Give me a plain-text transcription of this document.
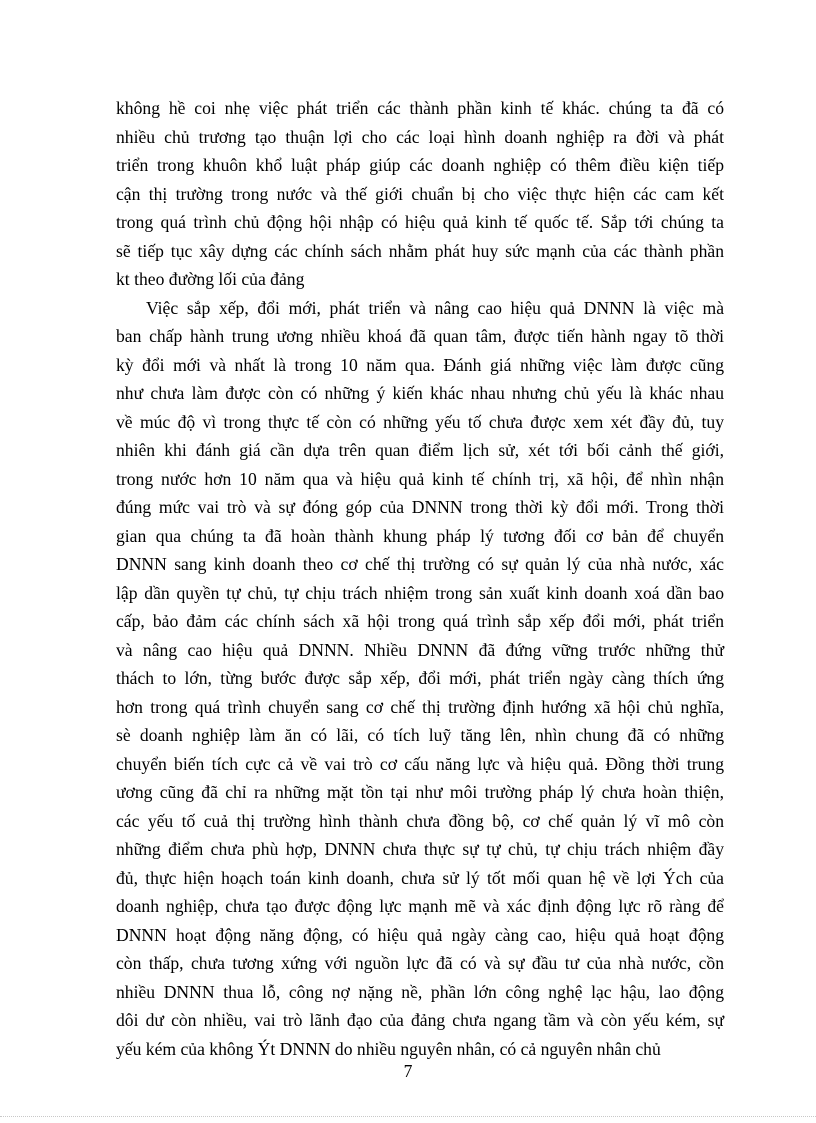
không hề coi nhẹ việc phát triển các thành phần kinh tế khác. chúng ta đã có
nhiều chủ trương tạo thuận lợi cho các loại hình doanh nghiệp ra đời và phát
triển trong khuôn khổ luật pháp giúp các doanh nghiệp có thêm điều kiện tiếp
cận thị trường trong nước và thế giới chuẩn bị cho việc thực hiện các cam kết
trong quá trình chủ động hội nhập có hiệu quả kinh tế quốc tế. Sắp tới chúng ta
sẽ tiếp tục xây dựng các chính sách nhằm phát huy sức mạnh của các thành phần
kt theo đường lối của đảng
Việc sắp xếp, đổi mới, phát triển và nâng cao hiệu quả DNNN là việc mà
ban chấp hành trung ương nhiều khoá đã quan tâm, được tiến hành ngay tõ thời
kỳ đổi mới và nhất là trong 10 năm qua. Đánh giá những việc làm được cũng
như chưa làm được còn có những ý kiến khác nhau nhưng chủ yếu là khác nhau
về múc độ vì trong thực tế còn có những yếu tố chưa được xem xét đầy đủ, tuy
nhiên khi đánh giá cần dựa trên quan điểm lịch sử, xét tới bối cảnh thế giới,
trong nước hơn 10 năm qua và hiệu quả kinh tế chính trị, xã hội, để nhìn nhận
đúng mức vai trò và sự đóng góp của DNNN trong thời kỳ đổi mới. Trong thời
gian qua chúng ta đã hoàn thành khung pháp lý tương đối cơ bản để chuyển
DNNN sang kinh doanh theo cơ chế thị trường có sự quản lý của nhà nước, xác
lập dần quyền tự chủ, tự chịu trách nhiệm trong sản xuất kinh doanh xoá dần bao
cấp, bảo đảm các chính sách xã hội trong quá trình sắp xếp đổi mới, phát triển
và nâng cao hiệu quả DNNN. Nhiều DNNN đã đứng vững trước những thử
thách to lớn, từng bước được sắp xếp, đổi mới, phát triển ngày càng thích ứng
hơn trong quá trình chuyển sang cơ chế thị trường định hướng xã hội chủ nghĩa,
sè doanh nghiệp làm ăn có lãi, có tích luỹ tăng lên, nhìn chung đã có những
chuyển biến tích cực cả về vai trò cơ cấu năng lực và hiệu quả. Đồng thời trung
ương cũng đã chỉ ra những mặt tồn tại như môi trường pháp lý chưa hoàn thiện,
các yếu tố cuả thị trường hình thành chưa đồng bộ, cơ chế quản lý vĩ mô còn
những điểm chưa phù hợp, DNNN chưa thực sự tự chủ, tự chịu trách nhiệm đầy
đủ, thực hiện hoạch toán kinh doanh, chưa sử lý tốt mối quan hệ về lợi Ých của
doanh nghiệp, chưa tạo được động lực mạnh mẽ và xác định động lực rõ ràng để
DNNN hoạt động năng động, có hiệu quả ngày càng cao, hiệu quả hoạt động
còn thấp, chưa tương xứng với nguồn lực đã có và sự đầu tư của nhà nước, cồn
nhiều DNNN thua lỗ, công nợ nặng nề, phần lớn công nghệ lạc hậu, lao động
dôi dư còn nhiều, vai trò lãnh đạo của đảng chưa ngang tầm và còn yếu kém, sự
yếu kém của không Ýt DNNN do nhiều nguyên nhân, có cả nguyên nhân chủ
7
